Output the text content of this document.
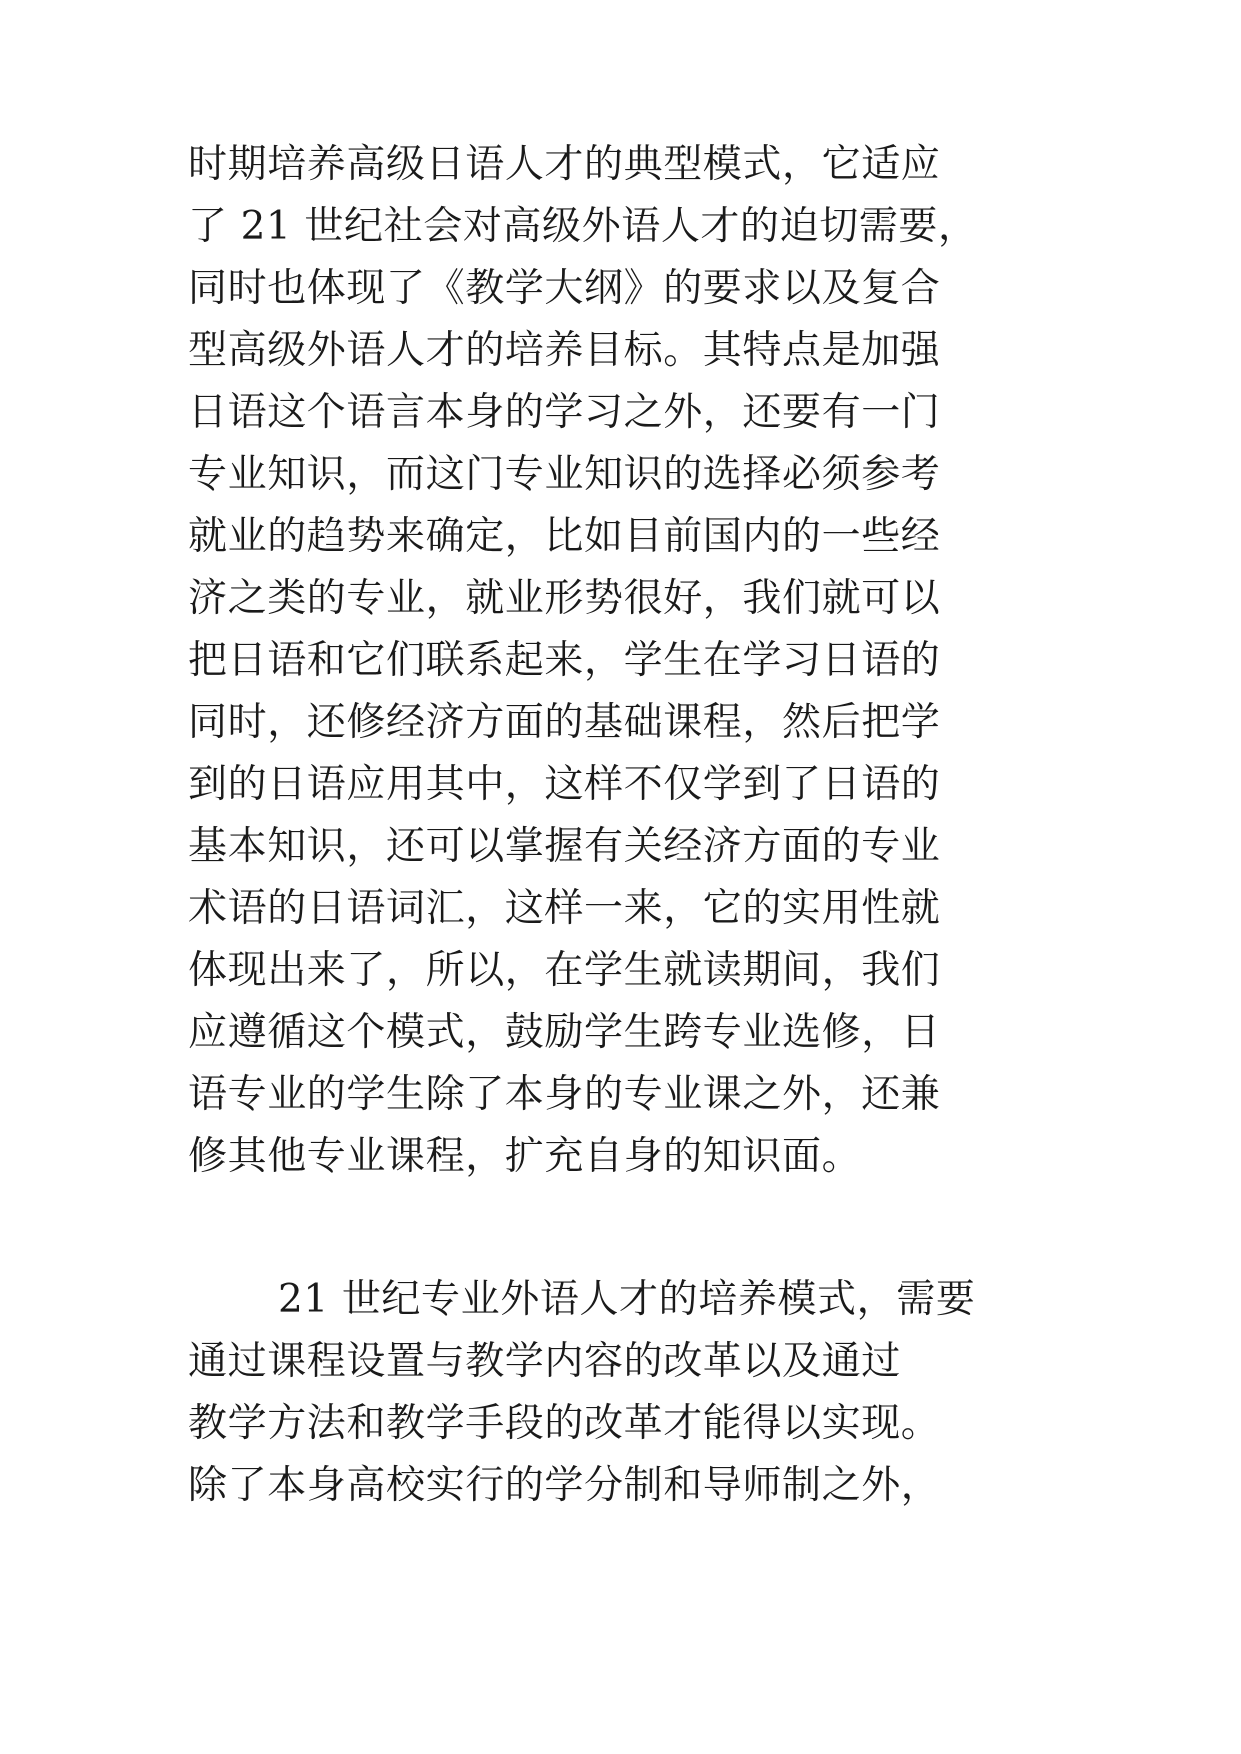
时期培养高级日语人才的典型模式，它适应
了 21 世纪社会对高级外语人才的迫切需要，
同时也体现了《教学大纲》的要求以及复合
型高级外语人才的培养目标。其特点是加强
日语这个语言本身的学习之外，还要有一门
专业知识，而这门专业知识的选择必须参考
就业的趋势来确定，比如目前国内的一些经
济之类的专业，就业形势很好，我们就可以
把日语和它们联系起来，学生在学习日语的
同时，还修经济方面的基础课程，然后把学
到的日语应用其中，这样不仅学到了日语的
基本知识，还可以掌握有关经济方面的专业
术语的日语词汇，这样一来，它的实用性就
体现出来了，所以，在学生就读期间，我们
应遵循这个模式，鼓励学生跨专业选修，日
语专业的学生除了本身的专业课之外，还兼
修其他专业课程，扩充自身的知识面。
21 世纪专业外语人才的培养模式，需要
通过课程设置与教学内容的改革以及通过
教学方法和教学手段的改革才能得以实现。
除了本身高校实行的学分制和导师制之外，
